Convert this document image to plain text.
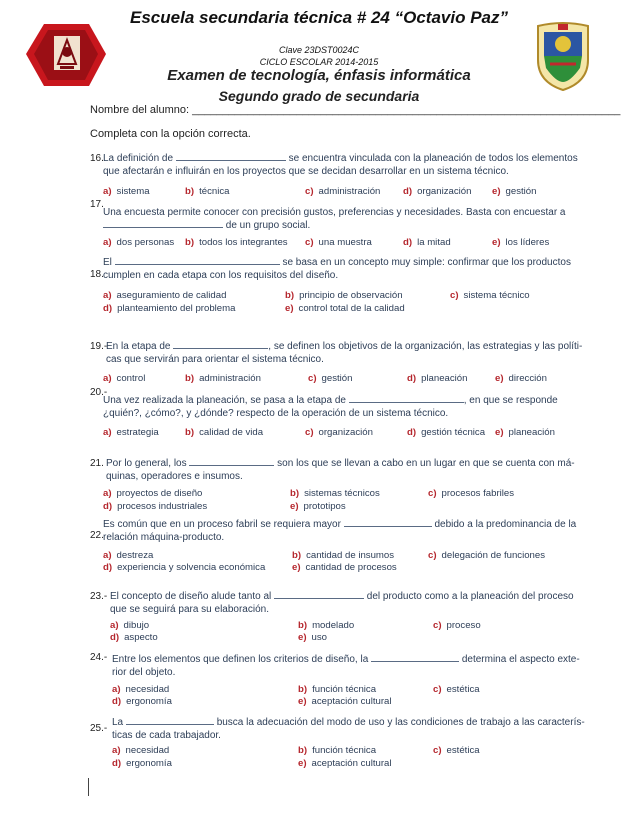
Escuela secundaria técnica # 24 “Octavio Paz”
Clave 23DST0024C
CICLO ESCOLAR 2014-2015
Examen de tecnología, énfasis informática
Segundo grado de secundaria
Nombre del alumno: ______________________________________________________________________
Completa con la opción correcta.
16. La definición de	se encuentra vinculada con la planeación de todos los elementos
que afectarán e influirán en los proyectos que se decidan desarrollar en un sistema técnico.
a) sistema	b) técnica	c) administración d) organización e) gestión
17.
Una encuesta permite conocer con precisión gustos, preferencias y necesidades. Basta con encuestar a
de un grupo social.
a) dos personas b) todos los integrantes c) una muestra	d) la mitad	e) los líderes
El	se basa en un concepto muy simple: confirmar que los productos
18. cumplen en cada etapa con los requisitos del diseño.
a) aseguramiento de calidad	b) principio de observación	c) sistema técnico
d) planteamiento del problema	e) control total de la calidad
19.-
En la etapa de	, se definen los objetivos de la organización, las estrategias y las políti-
cas que servirán para orientar el sistema técnico.
a) control	b) administración	c) gestión	d) planeación	e) dirección
20.-
Una vez realizada la planeación, se pasa a la etapa de	, en que se responde
¿quién?, ¿cómo?, y ¿dónde? respecto de la operación de un sistema técnico.
a) estrategia	b) calidad de vida	c) organización	d) gestión técnica e) planeación
21. Por lo general, los	son los que se llevan a cabo en un lugar en que se cuenta con má-
quinas, operadores e insumos.
a) proyectos de diseño	b) sistemas técnicos	c) procesos fabriles
d) procesos industriales	e) prototipos
Es común que en un proceso fabril se requiera mayor	debido a la predominancia de la
22. relación máquina-producto.
a) destreza	b) cantidad de insumos	c) delegación de funciones
d) experiencia y solvencia económica	e) cantidad de procesos
23.- El concepto de diseño alude tanto al	del producto como a la planeación del proceso
que se seguirá para su elaboración.
a) dibujo	b) modelado	c) proceso
d) aspecto	e) uso
24.- Entre los elementos que definen los criterios de diseño, la	determina el aspecto exte-
rior del objeto.
a) necesidad	b) función técnica	c) estética
d) ergonomía	e) aceptación cultural
La	busca la adecuación del modo de uso y las condiciones de trabajo a las caracterís-
25.-
ticas de cada trabajador.
a) necesidad	b) función técnica	c) estética
d) ergonomía	e) aceptación cultural
